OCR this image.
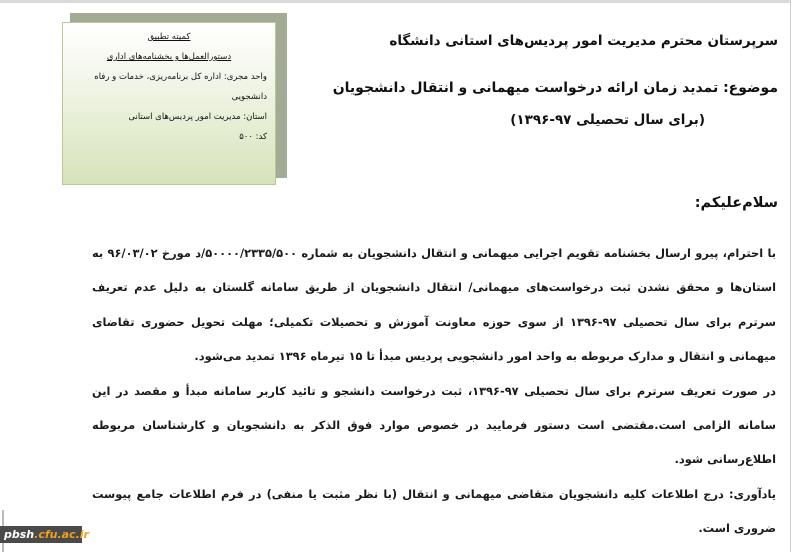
کمیته تطبیق
دستورالعمل‌ها و بخشنامه‌های اداری
واحد مجری: اداره کل برنامه‌ریزی، خدمات و رفاه دانشجویی
استان: مدیریت امور پردیس‌های استانی
کد: ۵۰۰
سرپرستان محترم مدیریت امور پردیس‌های استانی دانشگاه
موضوع: تمدید زمان ارائه درخواست میهمانی و انتقال دانشجویان
(برای سال تحصیلی ۹۷-۱۳۹۶)
سلام‌علیکم:

با احترام، پیرو ارسال بخشنامه تقویم اجرایی میهمانی و انتقال دانشجویان به شماره ۵۰۰۰۰/۲۳۳۵/۵۰۰/د مورخ ۹۶/۰۳/۰۲ به استان‌ها و محقق نشدن ثبت درخواست‌های میهمانی/ انتقال دانشجویان از طریق سامانه گلستان به دلیل عدم تعریف سرترم برای سال تحصیلی ۹۷-۱۳۹۶ از سوی حوزه معاونت آموزش و تحصیلات تکمیلی؛ مهلت تحویل حضوری تقاضای میهمانی و انتقال و مدارک مربوطه به واحد امور دانشجویی پردیس مبدأ تا ۱۵ تیرماه ۱۳۹۶ تمدید می‌شود.

در صورت تعریف سرترم برای سال تحصیلی ۹۷-۱۳۹۶، ثبت درخواست دانشجو و تائید کاربر سامانه مبدأ و مقصد در این سامانه الزامی است.مقتضی است دستور فرمایید در خصوص موارد فوق الذکر به دانشجویان و کارشناسان مربوطه اطلاع‌رسانی شود.

یادآوری: درج اطلاعات کلیه دانشجویان متقاضی میهمانی و انتقال (با نظر مثبت یا منفی) در فرم اطلاعات جامع پیوست ضروری است.

pbsh.cfu.ac.ir
